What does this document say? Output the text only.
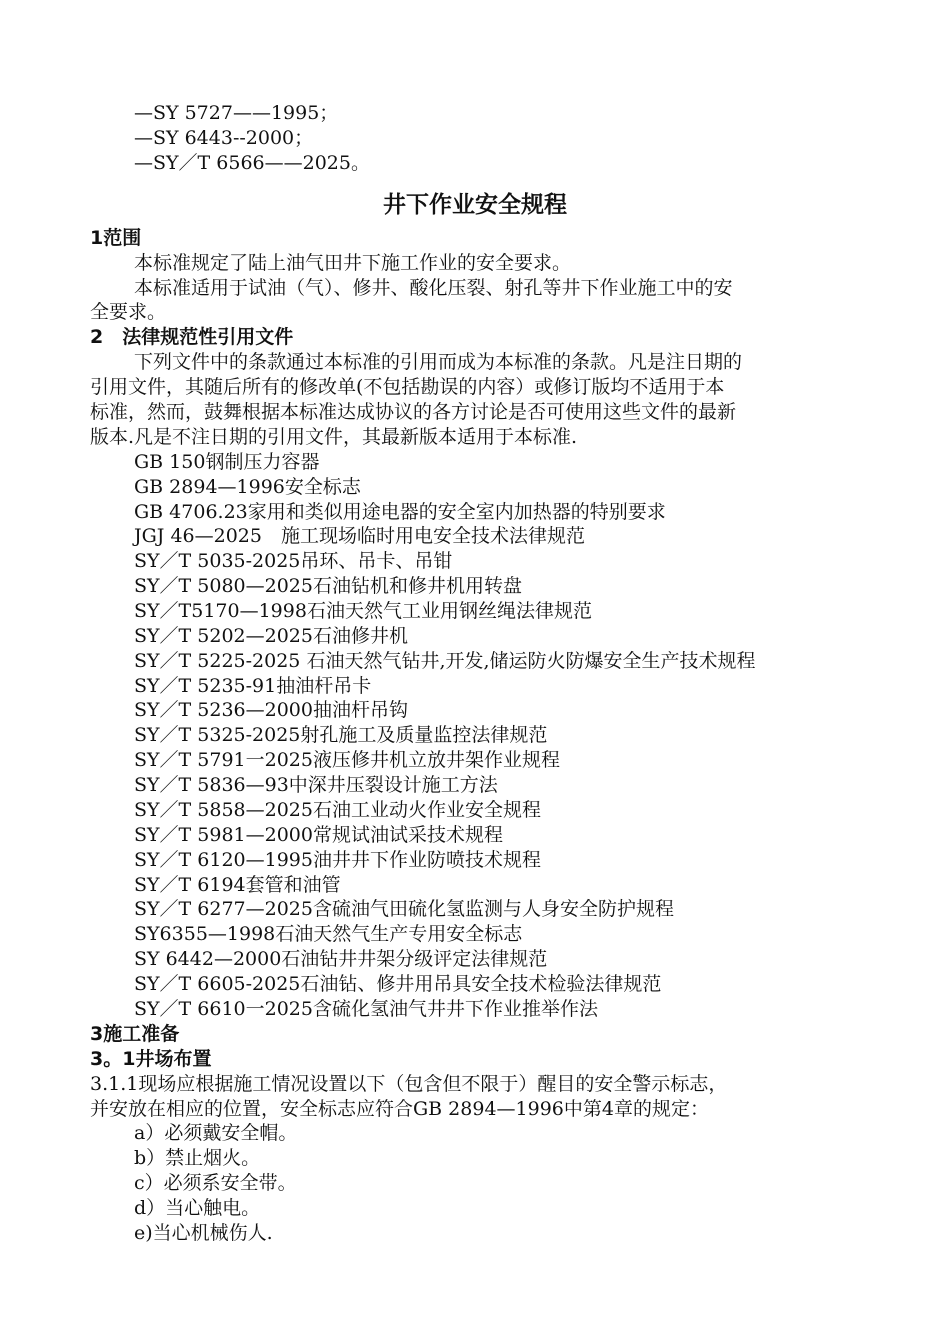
—SY 5727——1995；
—SY 6443--2000；
—SY／T 6566——2025。
井下作业安全规程
1范围
本标准规定了陆上油气田井下施工作业的安全要求。
本标准适用于试油（气）、修井、酸化压裂、射孔等井下作业施工中的安
全要求。
2　法律规范性引用文件
下列文件中的条款通过本标准的引用而成为本标准的条款。凡是注日期的
引用文件，其随后所有的修改单(不包括勘误的内容）或修订版均不适用于本
标准，然而，鼓舞根据本标准达成协议的各方讨论是否可使用这些文件的最新
版本.凡是不注日期的引用文件，其最新版本适用于本标准.
GB 150钢制压力容器
GB 2894—1996安全标志
GB 4706.23家用和类似用途电器的安全室内加热器的特别要求
JGJ 46—2025　施工现场临时用电安全技术法律规范
SY／T 5035-2025吊环、吊卡、吊钳
SY／T 5080—2025石油钻机和修井机用转盘
SY／T5170—1998石油天然气工业用钢丝绳法律规范
SY／T 5202—2025石油修井机
SY／T 5225-2025 石油天然气钻井,开发,储运防火防爆安全生产技术规程
SY／T 5235-91抽油杆吊卡
SY／T 5236—2000抽油杆吊钩
SY／T 5325-2025射孔施工及质量监控法律规范
SY／T 5791一2025液压修井机立放井架作业规程
SY／T 5836—93中深井压裂设计施工方法
SY／T 5858—2025石油工业动火作业安全规程
SY／T 5981—2000常规试油试采技术规程
SY／T 6120—1995油井井下作业防喷技术规程
SY／T 6194套管和油管
SY／T 6277—2025含硫油气田硫化氢监测与人身安全防护规程
SY6355—1998石油天然气生产专用安全标志
SY 6442—2000石油钻井井架分级评定法律规范
SY／T 6605-2025石油钻、修井用吊具安全技术检验法律规范
SY／T 6610一2025含硫化氢油气井井下作业推举作法
3施工准备
3。1井场布置
3.1.1现场应根据施工情况设置以下（包含但不限于）醒目的安全警示标志，
并安放在相应的位置，安全标志应符合GB 2894—1996中第4章的规定：
a）必须戴安全帽。
b）禁止烟火。
c）必须系安全带。
d）当心触电。
e)当心机械伤人.
